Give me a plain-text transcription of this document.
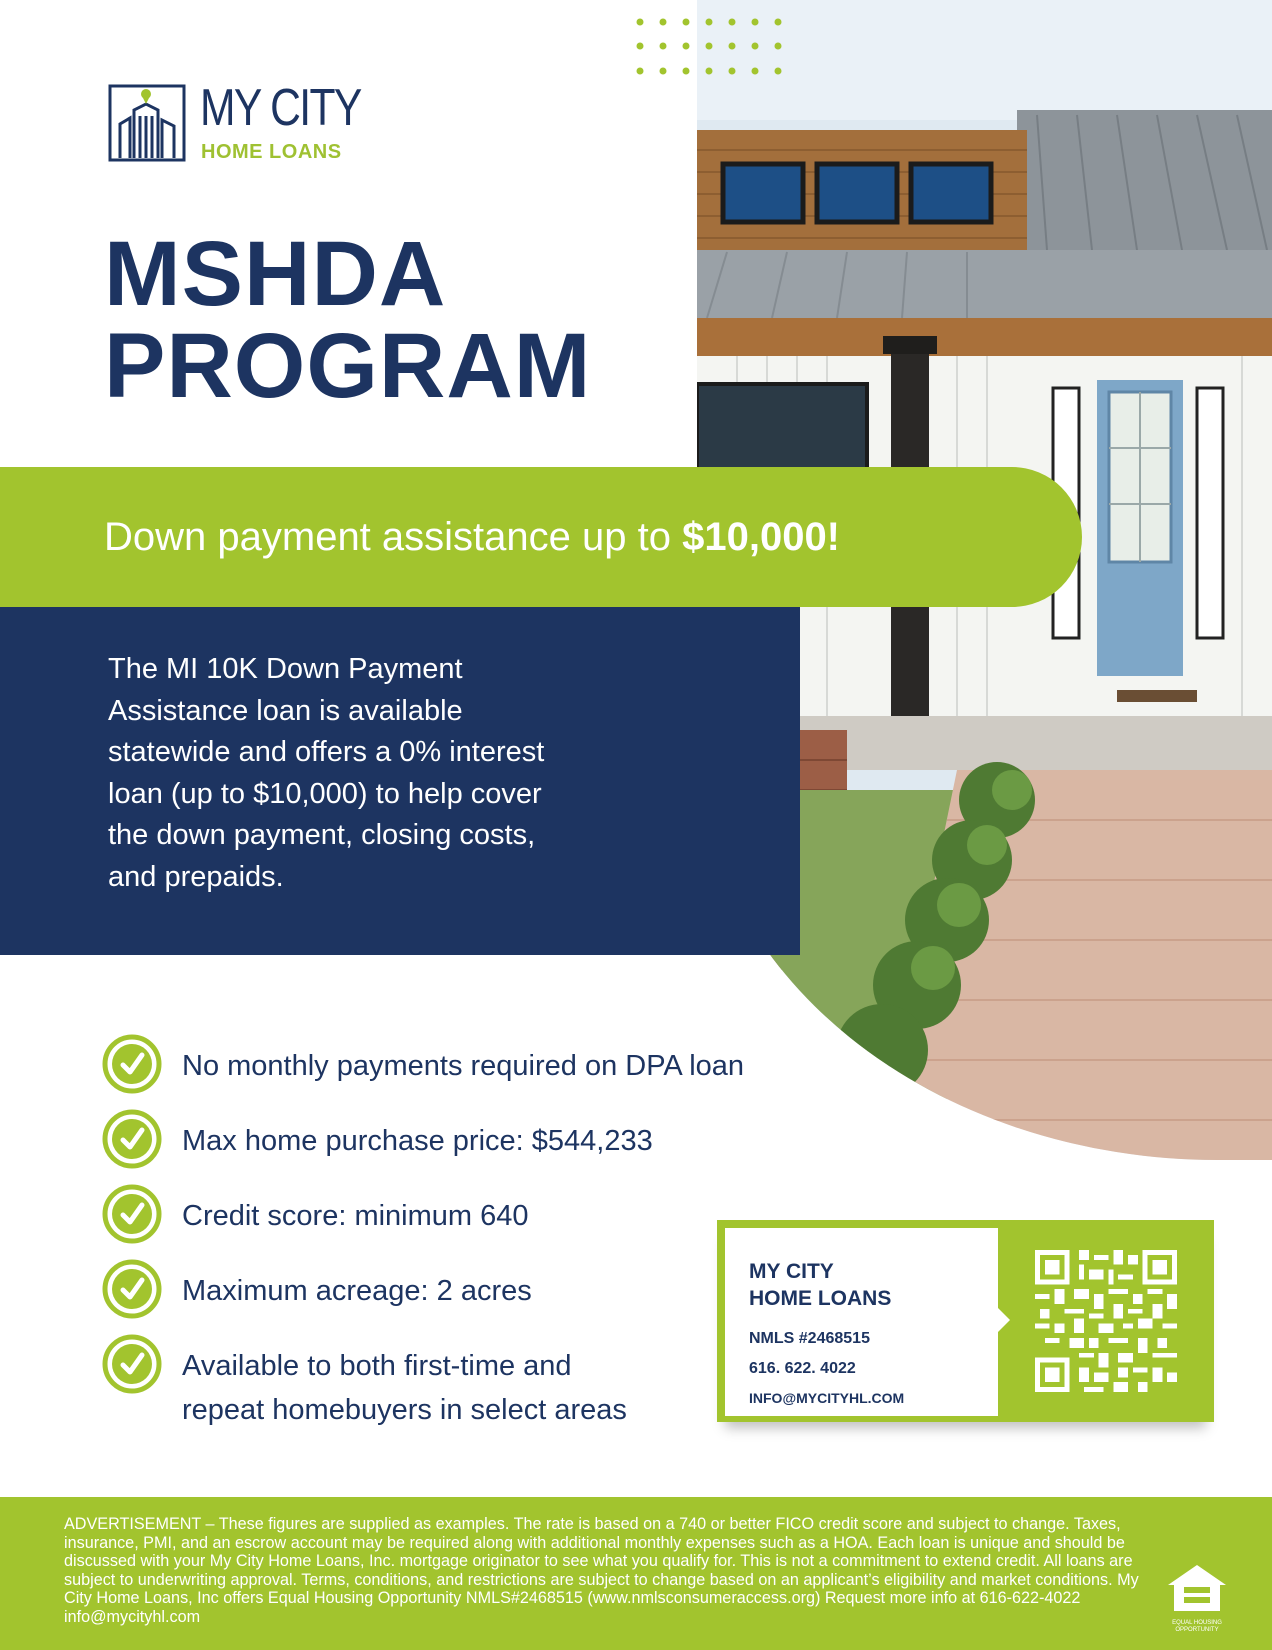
MY CITY
HOME LOANS
MSHDA
PROGRAM

The MI 10K Down Payment Assistance loan is available statewide and offers a 0% interest loan (up to $10,000) to help cover the down payment, closing costs, and prepaids.

Down payment assistance up to $10,000!
No monthly payments required on DPA loan
Max home purchase price: $544,233
Credit score: minimum 640
Maximum acreage: 2 acres
Available to both first-time and repeat homebuyers in select areas
MY CITY
HOME LOANS
NMLS #2468515
616. 622. 4022
INFO@MYCITYHL.COM

ADVERTISEMENT – These figures are supplied as examples. The rate is based on a 740 or better FICO credit score and subject to change. Taxes, insurance, PMI, and an escrow account may be required along with additional monthly expenses such as a HOA. Each loan is unique and should be discussed with your My City Home Loans, Inc. mortgage originator to see what you qualify for. This is not a commitment to extend credit. All loans are subject to underwriting approval. Terms, conditions, and restrictions are subject to change based on an applicant’s eligibility and market conditions. My City Home Loans, Inc offers Equal Housing Opportunity NMLS#2468515 (www.nmlsconsumeraccess.org) Request more info at 616-622-4022 info@mycityhl.com	EQUAL HOUSING
OPPORTUNITY
